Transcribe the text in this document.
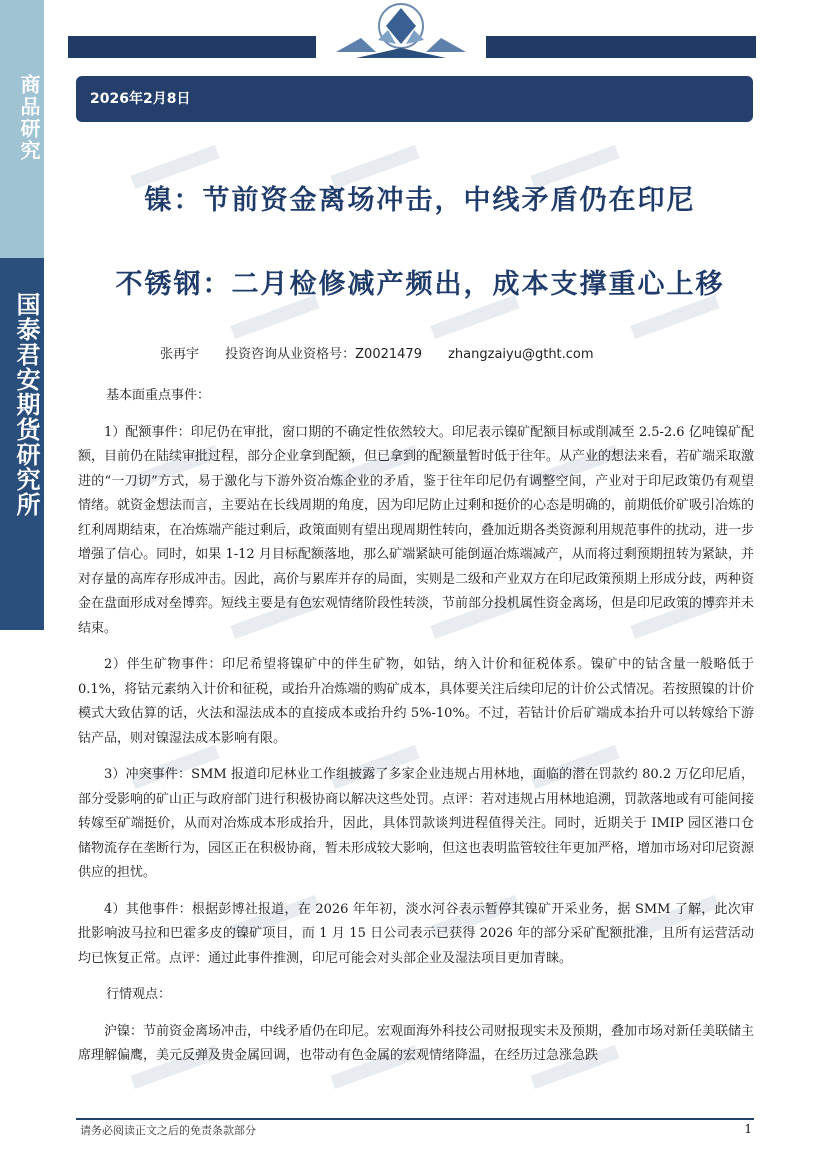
商品研究
国泰君安期货研究所
2026年2月8日
镍：节前资金离场冲击，中线矛盾仍在印尼
不锈钢：二月检修减产频出，成本支撑重心上移
张再宇 投资咨询从业资格号：Z0021479 zhangzaiyu@gtht.com

基本面重点事件：

1）配额事件：印尼仍在审批，窗口期的不确定性依然较大。印尼表示镍矿配额目标或削减至 2.5-2.6 亿吨镍矿配额，目前仍在陆续审批过程，部分企业拿到配额，但已拿到的配额量暂时低于往年。从产业的想法来看，若矿端采取激进的“一刀切”方式，易于激化与下游外资冶炼企业的矛盾，鉴于往年印尼仍有调整空间，产业对于印尼政策仍有观望情绪。就资金想法而言，主要站在长线周期的角度，因为印尼防止过剩和挺价的心态是明确的，前期低价矿吸引冶炼的红利周期结束，在冶炼端产能过剩后，政策面则有望出现周期性转向，叠加近期各类资源利用规范事件的扰动，进一步增强了信心。同时，如果 1-12 月目标配额落地，那么矿端紧缺可能倒逼冶炼端减产，从而将过剩预期扭转为紧缺，并对存量的高库存形成冲击。因此，高价与累库并存的局面，实则是二级和产业双方在印尼政策预期上形成分歧，两种资金在盘面形成对垒博弈。短线主要是有色宏观情绪阶段性转淡，节前部分投机属性资金离场，但是印尼政策的博弈并未结束。

2）伴生矿物事件：印尼希望将镍矿中的伴生矿物，如钴，纳入计价和征税体系。镍矿中的钴含量一般略低于 0.1%，将钴元素纳入计价和征税，或抬升冶炼端的购矿成本，具体要关注后续印尼的计价公式情况。若按照镍的计价模式大致估算的话，火法和湿法成本的直接成本或抬升约 5%-10%。不过，若钴计价后矿端成本抬升可以转嫁给下游钴产品，则对镍湿法成本影响有限。

3）冲突事件：SMM 报道印尼林业工作组披露了多家企业违规占用林地，面临的潜在罚款约 80.2 万亿印尼盾，部分受影响的矿山正与政府部门进行积极协商以解决这些处罚。点评：若对违规占用林地追溯，罚款落地或有可能间接转嫁至矿端挺价，从而对冶炼成本形成抬升，因此，具体罚款谈判进程值得关注。同时，近期关于 IMIP 园区港口仓储物流存在垄断行为，园区正在积极协商，暂未形成较大影响，但这也表明监管较往年更加严格，增加市场对印尼资源供应的担忧。

4）其他事件：根据彭博社报道，在 2026 年年初，淡水河谷表示暂停其镍矿开采业务，据 SMM 了解，此次审批影响波马拉和巴霍多皮的镍矿项目，而 1 月 15 日公司表示已获得 2026 年的部分采矿配额批准，且所有运营活动均已恢复正常。点评：通过此事件推测，印尼可能会对头部企业及湿法项目更加青睐。

行情观点：

沪镍：节前资金离场冲击，中线矛盾仍在印尼。宏观面海外科技公司财报现实未及预期，叠加市场对新任美联储主席理解偏鹰，美元反弹及贵金属回调，也带动有色金属的宏观情绪降温，在经历过急涨急跌

请务必阅读正文之后的免责条款部分	1
